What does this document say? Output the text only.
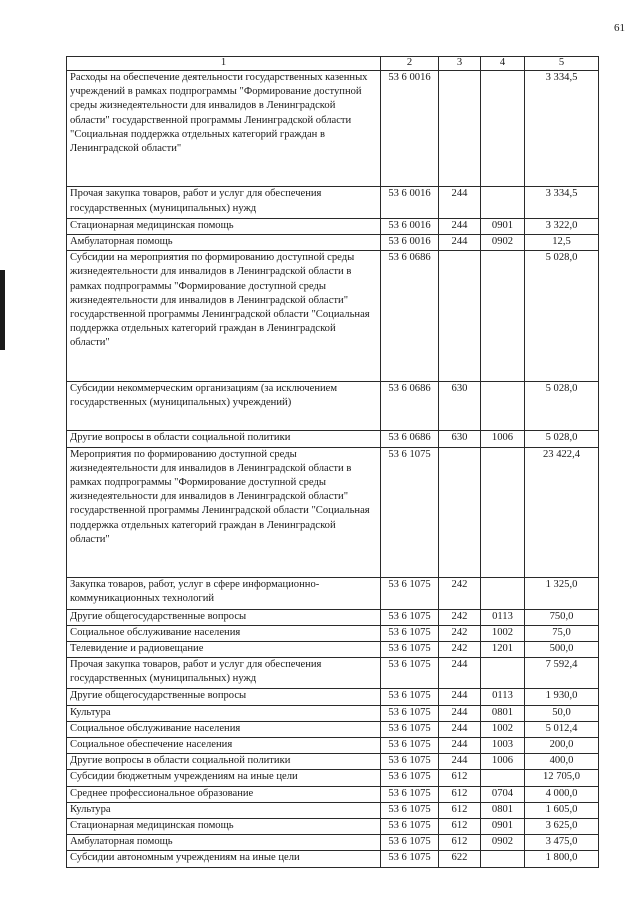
61
1	2	3	4	5
Расходы на обеспечение деятельности государственных казенных учреждений в рамках подпрограммы "Формирование доступной среды жизнедеятельности для инвалидов в Ленинградской области" государственной программы Ленинградской области "Социальная поддержка отдельных категорий граждан в Ленинградской области"	53 6 0016			3 334,5
Прочая закупка товаров, работ и услуг для обеспечения государственных (муниципальных) нужд	53 6 0016	244		3 334,5
Стационарная медицинская помощь	53 6 0016	244	0901	3 322,0
Амбулаторная помощь	53 6 0016	244	0902	12,5
Субсидии на мероприятия по формированию доступной среды жизнедеятельности для инвалидов в Ленинградской области в рамках подпрограммы "Формирование доступной среды жизнедеятельности для инвалидов в Ленинградской области" государственной программы Ленинградской области "Социальная поддержка отдельных категорий граждан в Ленинградской области"	53 6 0686			5 028,0
Субсидии некоммерческим организациям (за исключением государственных (муниципальных) учреждений)	53 6 0686	630		5 028,0
Другие вопросы в области социальной политики	53 6 0686	630	1006	5 028,0
Мероприятия по формированию доступной среды жизнедеятельности для инвалидов в Ленинградской области в рамках подпрограммы "Формирование доступной среды жизнедеятельности для инвалидов в Ленинградской области" государственной программы Ленинградской области "Социальная поддержка отдельных категорий граждан в Ленинградской области"	53 6 1075			23 422,4
Закупка товаров, работ, услуг в сфере информационно-коммуникационных технологий	53 6 1075	242		1 325,0
Другие общегосударственные вопросы	53 6 1075	242	0113	750,0
Социальное обслуживание населения	53 6 1075	242	1002	75,0
Телевидение и радиовещание	53 6 1075	242	1201	500,0
Прочая закупка товаров, работ и услуг для обеспечения государственных (муниципальных) нужд	53 6 1075	244		7 592,4
Другие общегосударственные вопросы	53 6 1075	244	0113	1 930,0
Культура	53 6 1075	244	0801	50,0
Социальное обслуживание населения	53 6 1075	244	1002	5 012,4
Социальное обеспечение населения	53 6 1075	244	1003	200,0
Другие вопросы в области социальной политики	53 6 1075	244	1006	400,0
Субсидии бюджетным учреждениям на иные цели	53 6 1075	612		12 705,0
Среднее профессиональное образование	53 6 1075	612	0704	4 000,0
Культура	53 6 1075	612	0801	1 605,0
Стационарная медицинская помощь	53 6 1075	612	0901	3 625,0
Амбулаторная помощь	53 6 1075	612	0902	3 475,0
Субсидии автономным учреждениям на иные цели	53 6 1075	622		1 800,0
